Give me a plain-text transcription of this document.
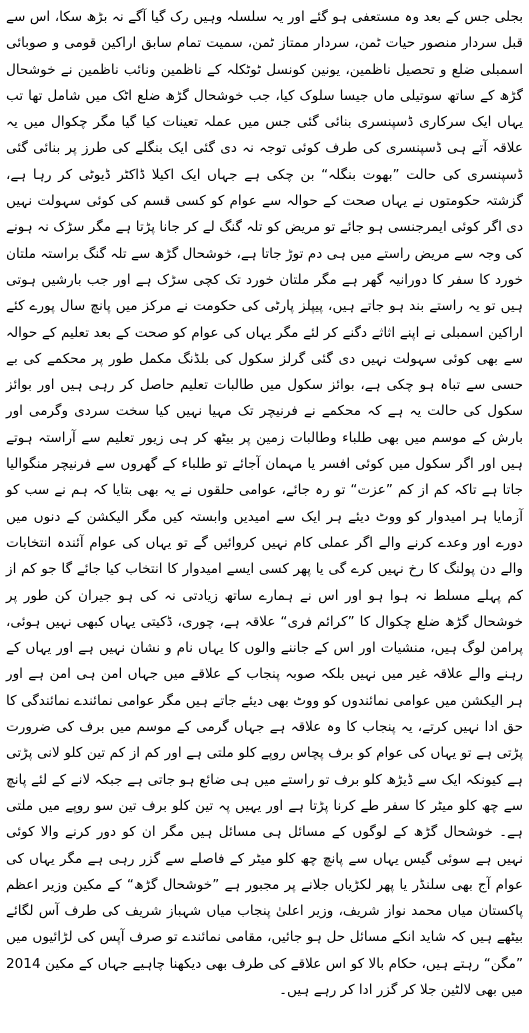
بجلی جس کے بعد وہ مستعفی ہو گئے اور یہ سلسلہ وہیں رک گیا آگے نہ بڑھ سکا، اس سے قبل سردار منصور حیات ٹمن، سردار ممتاز ٹمن، سمیت تمام سابق اراکین قومی و صوبائی اسمبلی ضلع و تحصیل ناظمین، یونین کونسل ٹوٹکلہ کے ناظمین ونائب ناظمین نے خوشحال گڑھ کے ساتھ سوتیلی ماں جیسا سلوک کیا، جب خوشحال گڑھ ضلع اٹک میں شامل تھا تب یہاں ایک سرکاری ڈسپنسری بنائی گئی جس میں عملہ تعینات کیا گیا مگر چکوال میں یہ علاقہ آتے ہی ڈسپنسری کی طرف کوئی توجہ نہ دی گئی ایک بنگلے کی طرز پر بنائی گئی ڈسپنسری کی حالت ”بھوت بنگلہ“ بن چکی ہے جہاں ایک اکیلا ڈاکٹر ڈیوٹی کر رہا ہے، گزشتہ حکومتوں نے یہاں صحت کے حوالہ سے عوام کو کسی قسم کی کوئی سہولت نہیں دی اگر کوئی ایمرجنسی ہو جائے تو مریض کو تلہ گنگ لے کر جانا پڑتا ہے مگر سڑک نہ ہونے کی وجہ سے مریض راستے میں ہی دم توڑ جاتا ہے، خوشحال گڑھ سے تلہ گنگ براستہ ملتان خورد کا سفر کا دورانیہ گھر ہے مگر ملتان خورد تک کچی سڑک ہے اور جب بارشیں ہوتی ہیں تو یہ راستے بند ہو جاتے ہیں، پیپلز پارٹی کی حکومت نے مرکز میں پانچ سال پورے کئے اراکین اسمبلی نے اپنے اثاثے دگنے کر لئے مگر یہاں کی عوام کو صحت کے بعد تعلیم کے حوالہ سے بھی کوئی سہولت نہیں دی گئی گرلز سکول کی بلڈنگ مکمل طور پر محکمے کی بے حسی سے تباہ ہو چکی ہے، بوائز سکول میں طالبات تعلیم حاصل کر رہی ہیں اور بوائز سکول کی حالت یہ ہے کہ محکمے نے فرنیچر تک مہیا نہیں کیا سخت سردی وگرمی اور بارش کے موسم میں بھی طلباء وطالبات زمین پر بیٹھ کر ہی زیور تعلیم سے آراستہ ہوتے ہیں اور اگر سکول میں کوئی افسر یا مہمان آجائے تو طلباء کے گھروں سے فرنیچر منگوالیا جاتا ہے تاکہ کم از کم ”عزت“ تو رہ جائے، عوامی حلقوں نے یہ بھی بتایا کہ ہم نے سب کو آزمایا ہر امیدوار کو ووٹ دیئے ہر ایک سے امیدیں وابستہ کیں مگر الیکشن کے دنوں میں دورے اور وعدے کرنے والے اگر عملی کام نہیں کروائیں گے تو یہاں کی عوام آئندہ انتخابات والے دن پولنگ کا رخ نہیں کرے گی یا پھر کسی ایسے امیدوار کا انتخاب کیا جائے گا جو کم از کم پہلے مسلط نہ ہوا ہو اور اس نے ہمارے ساتھ زیادتی نہ کی ہو جیران کن طور پر خوشحال گڑھ ضلع چکوال کا ”کرائم فری“ علاقہ ہے، چوری، ڈکیتی یہاں کبھی نہیں ہوئی، پرامن لوگ ہیں، منشیات اور اس کے جاننے والوں کا یہاں نام و نشان نہیں ہے اور یہاں کے رہنے والے علاقہ غیر میں نہیں بلکہ صوبہ پنجاب کے علاقے میں جہاں امن ہی امن ہے اور ہر الیکشن میں عوامی نمائندوں کو ووٹ بھی دیئے جاتے ہیں مگر عوامی نمائندے نمائندگی کا حق ادا نہیں کرتے، یہ پنجاب کا وہ علاقہ ہے جہاں گرمی کے موسم میں برف کی ضرورت پڑتی ہے تو یہاں کی عوام کو برف پچاس روپے کلو ملتی ہے اور کم از کم تین کلو لانی پڑتی ہے کیونکہ ایک سے ڈیڑھ کلو برف تو راستے میں ہی ضائع ہو جاتی ہے جبکہ لانے کے لئے پانچ سے چھ کلو میٹر کا سفر طے کرنا پڑتا ہے اور یہیں پہ تین کلو برف تین سو روپے میں ملتی ہے۔ خوشحال گڑھ کے لوگوں کے مسائل ہی مسائل ہیں مگر ان کو دور کرنے والا کوئی نہیں ہے سوئی گیس یہاں سے پانچ چھ کلو میٹر کے فاصلے سے گزر رہی ہے مگر یہاں کی عوام آج بھی سلنڈر یا پھر لکڑیاں جلانے پر مجبور ہے ”خوشحال گڑھ“ کے مکین وزیر اعظم پاکستان میاں محمد نواز شریف، وزیر اعلیٰ پنجاب میاں شہباز شریف کی طرف آس لگائے بیٹھے ہیں کہ شاید انکے مسائل حل ہو جائیں، مقامی نمائندے تو صرف آپس کی لڑائیوں میں ”مگن“ رہتے ہیں، حکام بالا کو اس علاقے کی طرف بھی دیکھنا چاہیے جہاں کے مکین 2014 میں بھی لالٹین جلا کر گزر ادا کر رہے ہیں۔
